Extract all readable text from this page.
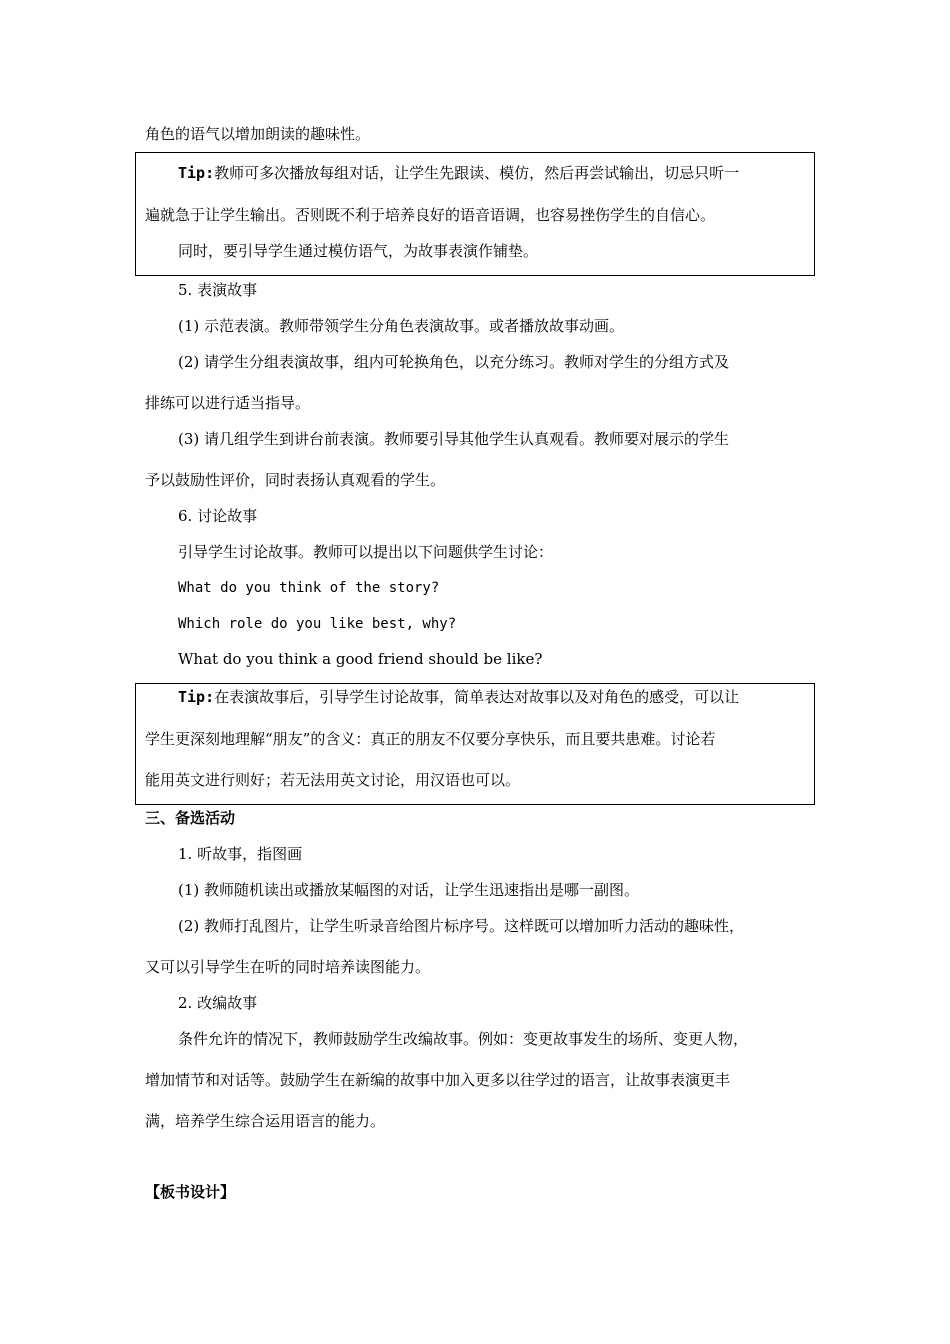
角色的语气以增加朗读的趣味性。
Tip:教师可多次播放每组对话，让学生先跟读、模仿，然后再尝试输出，切忌只听一
遍就急于让学生输出。否则既不利于培养良好的语音语调，也容易挫伤学生的自信心。
同时，要引导学生通过模仿语气，为故事表演作铺垫。
5. 表演故事
(1) 示范表演。教师带领学生分角色表演故事。或者播放故事动画。
(2) 请学生分组表演故事，组内可轮换角色，以充分练习。教师对学生的分组方式及
排练可以进行适当指导。
(3) 请几组学生到讲台前表演。教师要引导其他学生认真观看。教师要对展示的学生
予以鼓励性评价，同时表扬认真观看的学生。
6. 讨论故事
引导学生讨论故事。教师可以提出以下问题供学生讨论：
What do you think of the story?
Which role do you like best, why?
What do you think a good friend should be like?
Tip:在表演故事后，引导学生讨论故事，简单表达对故事以及对角色的感受，可以让
学生更深刻地理解“朋友”的含义：真正的朋友不仅要分享快乐，而且要共患难。讨论若
能用英文进行则好；若无法用英文讨论，用汉语也可以。
三、备选活动
1. 听故事，指图画
(1) 教师随机读出或播放某幅图的对话，让学生迅速指出是哪一副图。
(2) 教师打乱图片，让学生听录音给图片标序号。这样既可以增加听力活动的趣味性，
又可以引导学生在听的同时培养读图能力。
2. 改编故事
条件允许的情况下，教师鼓励学生改编故事。例如：变更故事发生的场所、变更人物，
增加情节和对话等。鼓励学生在新编的故事中加入更多以往学过的语言，让故事表演更丰
满，培养学生综合运用语言的能力。
【板书设计】
